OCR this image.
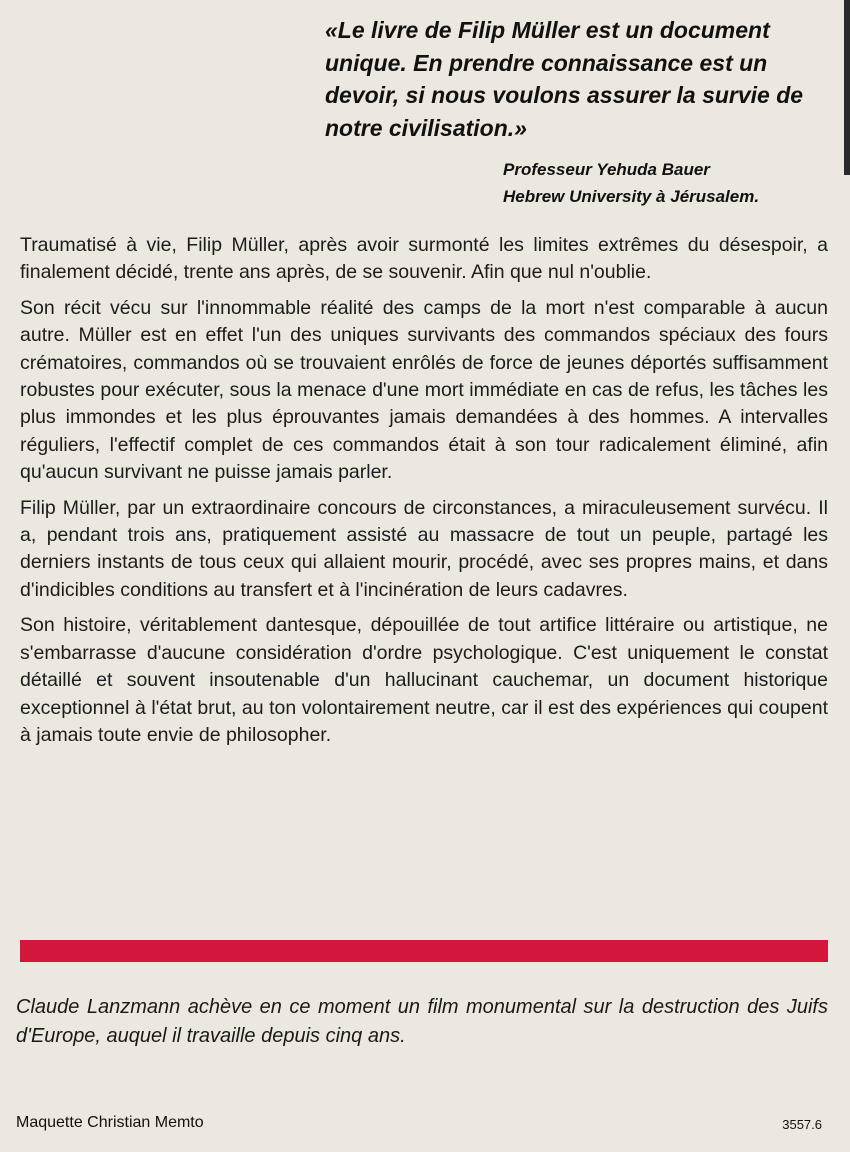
«Le livre de Filip Müller est un document unique. En prendre connaissance est un devoir, si nous voulons assurer la survie de notre civilisation.»
Professeur Yehuda Bauer
Hebrew University à Jérusalem.

Traumatisé à vie, Filip Müller, après avoir surmonté les limites extrêmes du désespoir, a finalement décidé, trente ans après, de se souvenir. Afin que nul n'oublie.

Son récit vécu sur l'innommable réalité des camps de la mort n'est comparable à aucun autre. Müller est en effet l'un des uniques survivants des commandos spéciaux des fours crématoires, commandos où se trouvaient enrôlés de force de jeunes déportés suffisamment robustes pour exécuter, sous la menace d'une mort immédiate en cas de refus, les tâches les plus immondes et les plus éprouvantes jamais demandées à des hommes. A intervalles réguliers, l'effectif complet de ces commandos était à son tour radicalement éliminé, afin qu'aucun survivant ne puisse jamais parler.

Filip Müller, par un extraordinaire concours de circonstances, a miraculeusement survécu. Il a, pendant trois ans, pratiquement assisté au massacre de tout un peuple, partagé les derniers instants de tous ceux qui allaient mourir, procédé, avec ses propres mains, et dans d'indicibles conditions au transfert et à l'incinération de leurs cadavres.

Son histoire, véritablement dantesque, dépouillée de tout artifice littéraire ou artistique, ne s'embarrasse d'aucune considération d'ordre psychologique. C'est uniquement le constat détaillé et souvent insoutenable d'un hallucinant cauchemar, un document historique exceptionnel à l'état brut, au ton volontairement neutre, car il est des expériences qui coupent à jamais toute envie de philosopher.

Claude Lanzmann achève en ce moment un film monumental sur la destruction des Juifs d'Europe, auquel il travaille depuis cinq ans.
Maquette Christian Memto	3557.6
